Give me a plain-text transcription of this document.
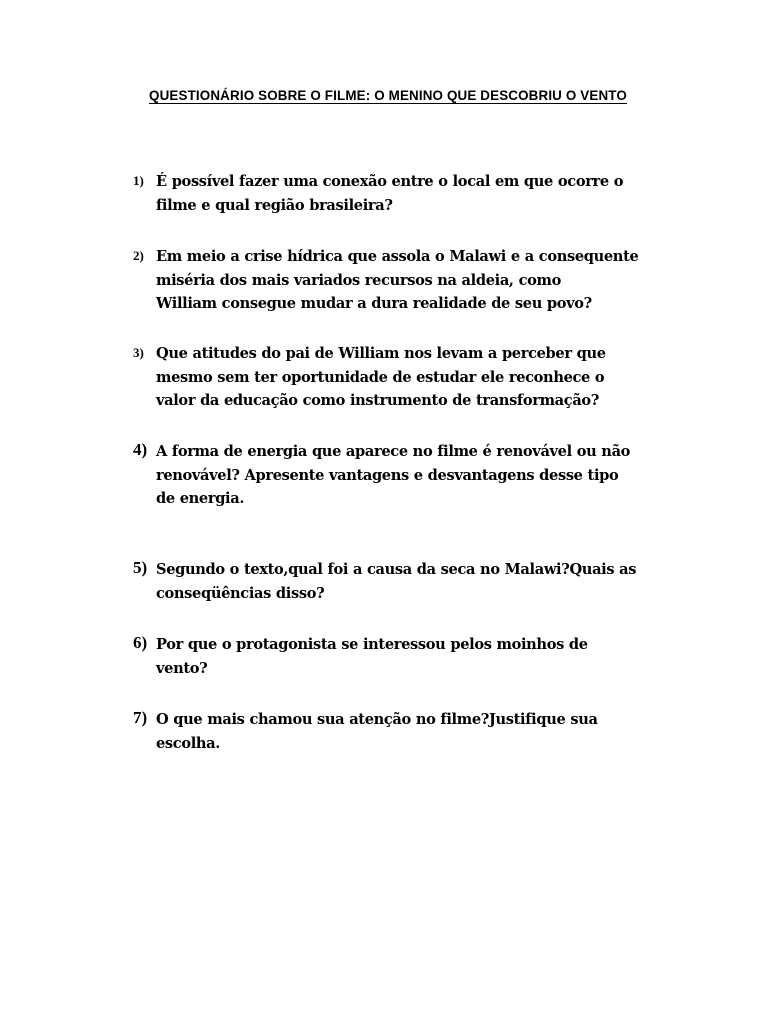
QUESTIONÁRIO SOBRE O FILME: O MENINO QUE DESCOBRIU O VENTO
1) É possível fazer uma conexão entre o local em que ocorre o
filme e qual região brasileira?
2) Em meio a crise hídrica que assola o Malawi e a consequente
miséria dos mais variados recursos na aldeia, como
William consegue mudar a dura realidade de seu povo?
3) Que atitudes do pai de William nos levam a perceber que
mesmo sem ter oportunidade de estudar ele reconhece o
valor da educação como instrumento de transformação?
4) A forma de energia que aparece no filme é renovável ou não
renovável? Apresente vantagens e desvantagens desse tipo
de energia.
5) Segundo o texto,qual foi a causa da seca no Malawi?Quais as
conseqüências disso?
6) Por que o protagonista se interessou pelos moinhos de
vento?
7) O que mais chamou sua atenção no filme?Justifique sua
escolha.
